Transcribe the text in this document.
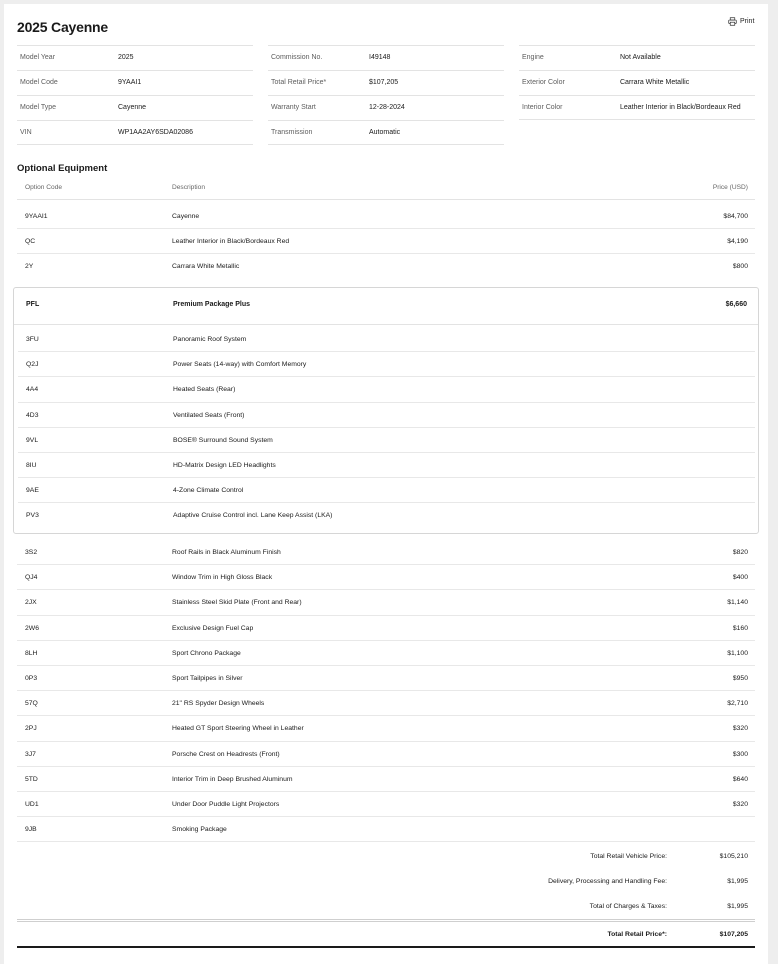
2025 Cayenne	Print
Model Year	2025
Model Code	9YAAI1
Model Type	Cayenne
VIN	WP1AA2AY6SDA02086
Commission No.	I49148
Total Retail Price*	$107,205
Warranty Start	12-28-2024
Transmission	Automatic
Engine	Not Available
Exterior Color	Carrara White Metallic
Interior Color	Leather Interior in Black/Bordeaux Red
Optional Equipment
Option Code	Description	Price (USD)
9YAAI1	Cayenne	$84,700
QC	Leather Interior in Black/Bordeaux Red	$4,190
2Y	Carrara White Metallic	$800
PFL	Premium Package Plus	$6,660
3FU	Panoramic Roof System
Q2J	Power Seats (14-way) with Comfort Memory
4A4	Heated Seats (Rear)
4D3	Ventilated Seats (Front)
9VL	BOSE® Surround Sound System
8IU	HD-Matrix Design LED Headlights
9AE	4-Zone Climate Control
PV3	Adaptive Cruise Control incl. Lane Keep Assist (LKA)
3S2	Roof Rails in Black Aluminum Finish	$820
QJ4	Window Trim in High Gloss Black	$400
2JX	Stainless Steel Skid Plate (Front and Rear)	$1,140
2W6	Exclusive Design Fuel Cap	$160
8LH	Sport Chrono Package	$1,100
0P3	Sport Tailpipes in Silver	$950
57Q	21" RS Spyder Design Wheels	$2,710
2PJ	Heated GT Sport Steering Wheel in Leather	$320
3J7	Porsche Crest on Headrests (Front)	$300
5TD	Interior Trim in Deep Brushed Aluminum	$640
UD1	Under Door Puddle Light Projectors	$320
9JB	Smoking Package
Total Retail Vehicle Price:	$105,210
Delivery, Processing and Handling Fee:	$1,995
Total of Charges & Taxes:	$1,995
Total Retail Price*:	$107,205
